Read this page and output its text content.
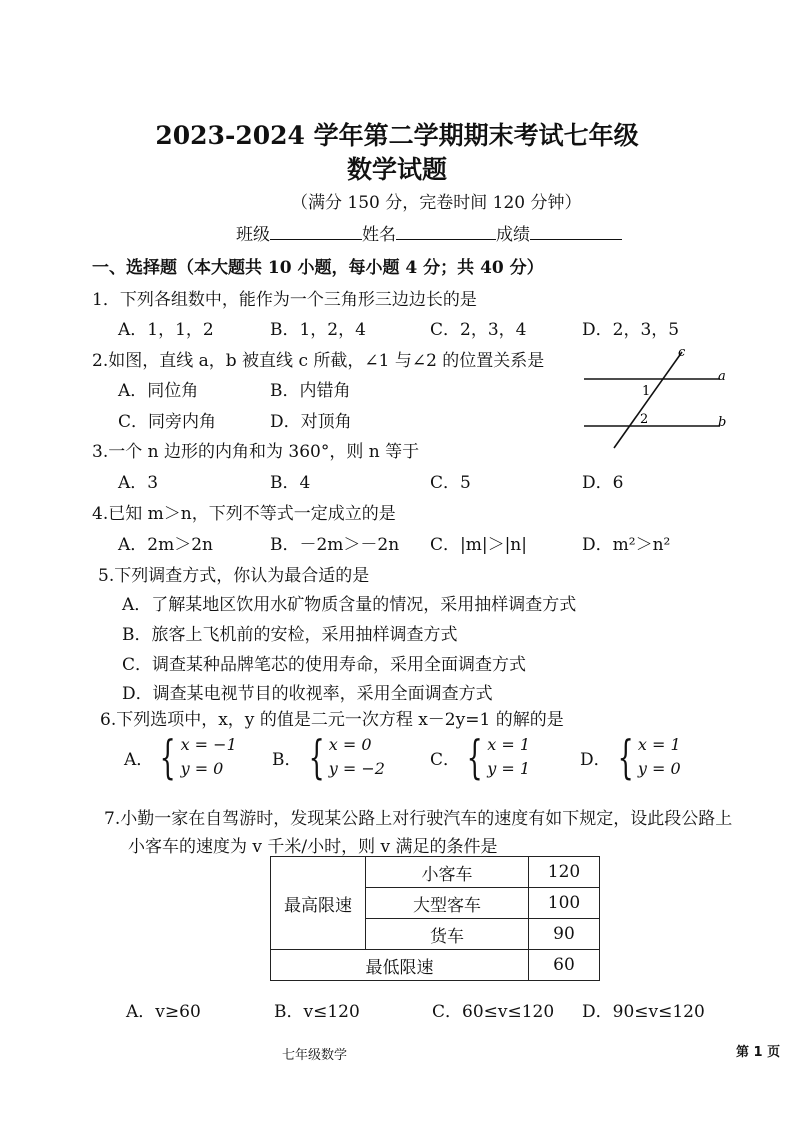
2023-2024 学年第二学期期末考试七年级
数学试题
（满分 150 分，完卷时间 120 分钟）
班级	姓名	成绩
一、选择题（本大题共 10 小题，每小题 4 分；共 40 分）
1．下列各组数中，能作为一个三角形三边边长的是
A．1，1，2	B．1，2，4	C．2，3，4	D．2，3，5
2.如图，直线 a，b 被直线 c 所截，∠1 与∠2 的位置关系是
A．同位角	B．内错角
C．同旁内角	D．对顶角
c
a
b
1
2
3.一个 n 边形的内角和为 360°，则 n 等于
A．3	B．4	C．5	D．6
4.已知 m＞n，下列不等式一定成立的是
A．2m＞2n	B．－2m＞－2n C．|m|＞|n|	D．m²＞n²
5.下列调查方式，你认为最合适的是
A．了解某地区饮用水矿物质含量的情况，采用抽样调查方式
B．旅客上飞机前的安检，采用抽样调查方式
C．调查某种品牌笔芯的使用寿命，采用全面调查方式
D．调查某电视节目的收视率，采用全面调查方式
6.下列选项中，x，y 的值是二元一次方程 x－2y=1 的解的是
A． { x = −1
y = 0	B． { x = 0
y = −2	C． { x = 1
y = 1	D． { x = 1
y = 0
7.小勤一家在自驾游时，发现某公路上对行驶汽车的速度有如下规定，设此段公路上
小客车的速度为 v 千米/小时，则 v 满足的条件是
最高限速	小客车	120
	大型客车	100
	货车	90
最低限速		60
A．v≥60	B．v≤120	C．60≤v≤120 D．90≤v≤120
七年级数学	第 1 页
